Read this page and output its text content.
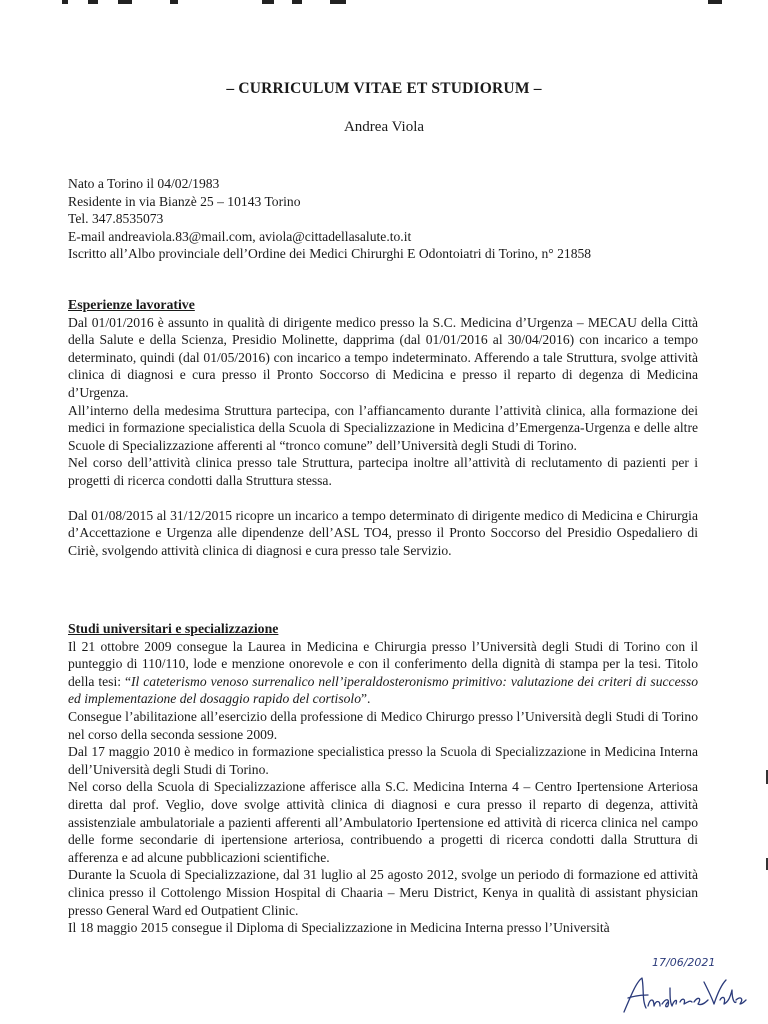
– CURRICULUM VITAE ET STUDIORUM –
Andrea Viola
Nato a Torino il 04/02/1983
Residente in via Bianzè 25 – 10143 Torino
Tel. 347.8535073
E-mail andreaviola.83@mail.com, aviola@cittadellasalute.to.it
Iscritto all’Albo provinciale dell’Ordine dei Medici Chirurghi E Odontoiatri di Torino, n° 21858
Esperienze lavorative
Dal 01/01/2016 è assunto in qualità di dirigente medico presso la S.C. Medicina d’Urgenza – MECAU della Città della Salute e della Scienza, Presidio Molinette, dapprima (dal 01/01/2016 al 30/04/2016) con incarico a tempo determinato, quindi (dal 01/05/2016) con incarico a tempo indeterminato. Afferendo a tale Struttura, svolge attività clinica di diagnosi e cura presso il Pronto Soccorso di Medicina e presso il reparto di degenza di Medicina d’Urgenza.
All’interno della medesima Struttura partecipa, con l’affiancamento durante l’attività clinica, alla formazione dei medici in formazione specialistica della Scuola di Specializzazione in Medicina d’Emergenza-Urgenza e delle altre Scuole di Specializzazione afferenti al “tronco comune” dell’Università degli Studi di Torino.
Nel corso dell’attività clinica presso tale Struttura, partecipa inoltre all’attività di reclutamento di pazienti per i progetti di ricerca condotti dalla Struttura stessa.
Dal 01/08/2015 al 31/12/2015 ricopre un incarico a tempo determinato di dirigente medico di Medicina e Chirurgia d’Accettazione e Urgenza alle dipendenze dell’ASL TO4, presso il Pronto Soccorso del Presidio Ospedaliero di Ciriè, svolgendo attività clinica di diagnosi e cura presso tale Servizio.
Studi universitari e specializzazione
Il 21 ottobre 2009 consegue la Laurea in Medicina e Chirurgia presso l’Università degli Studi di Torino con il punteggio di 110/110, lode e menzione onorevole e con il conferimento della dignità di stampa per la tesi. Titolo della tesi: “Il cateterismo venoso surrenalico nell’iperaldosteronismo primitivo: valutazione dei criteri di successo ed implementazione del dosaggio rapido del cortisolo”.
Consegue l’abilitazione all’esercizio della professione di Medico Chirurgo presso l’Università degli Studi di Torino nel corso della seconda sessione 2009.
Dal 17 maggio 2010 è medico in formazione specialistica presso la Scuola di Specializzazione in Medicina Interna dell’Università degli Studi di Torino.
Nel corso della Scuola di Specializzazione afferisce alla S.C. Medicina Interna 4 – Centro Ipertensione Arteriosa diretta dal prof. Veglio, dove svolge attività clinica di diagnosi e cura presso il reparto di degenza, attività assistenziale ambulatoriale a pazienti afferenti all’Ambulatorio Ipertensione ed attività di ricerca clinica nel campo delle forme secondarie di ipertensione arteriosa, contribuendo a progetti di ricerca condotti dalla Struttura di afferenza e ad alcune pubblicazioni scientifiche.
Durante la Scuola di Specializzazione, dal 31 luglio al 25 agosto 2012, svolge un periodo di formazione ed attività clinica presso il Cottolengo Mission Hospital di Chaaria – Meru District, Kenya in qualità di assistant physician presso General Ward ed Outpatient Clinic.
Il 18 maggio 2015 consegue il Diploma di Specializzazione in Medicina Interna presso l’Università
17/06/2021
